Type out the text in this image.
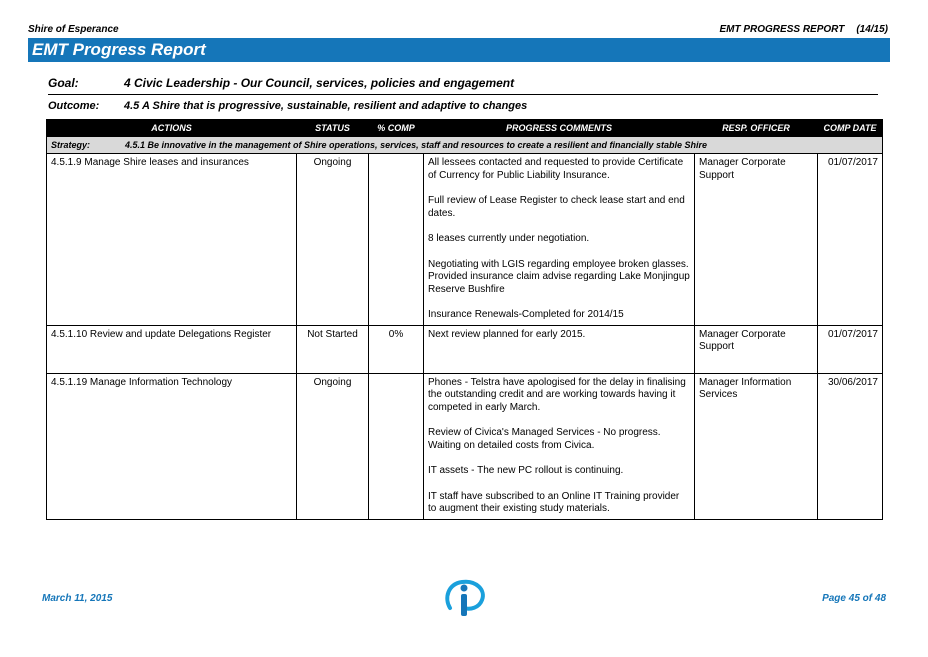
Shire of Esperance	EMT PROGRESS REPORT (14/15)
EMT Progress Report
Goal:	4 Civic Leadership - Our Council, services, policies and engagement
Outcome: 4.5 A Shire that is progressive, sustainable, resilient and adaptive to changes
ACTIONS	STATUS	% COMP	PROGRESS COMMENTS	RESP. OFFICER	COMP DATE
Strategy: 4.5.1 Be innovative in the management of Shire operations, services, staff and resources to create a resilient and financially stable Shire					
4.5.1.9 Manage Shire leases and insurances	Ongoing		All lessees contacted and requested to provide Certificate of Currency for Public Liability Insurance.

Full review of Lease Register to check lease start and end dates.

8 leases currently under negotiation.

Negotiating with LGIS regarding employee broken glasses. Provided insurance claim advise regarding Lake Monjingup Reserve Bushfire

Insurance Renewals-Completed for 2014/15	Manager Corporate Support	01/07/2017
4.5.1.10 Review and update Delegations Register	Not Started	0%	Next review planned for early 2015.	Manager Corporate Support	01/07/2017
4.5.1.19 Manage Information Technology	Ongoing		Phones - Telstra have apologised for the delay in finalising the outstanding credit and are working towards having it competed in early March.

Review of Civica's Managed Services - No progress. Waiting on detailed costs from Civica.

IT assets - The new PC rollout is continuing.

IT staff have subscribed to an Online IT Training provider to augment their existing study materials.	Manager Information Services	30/06/2017
March 11, 2015	Page 45 of 48
